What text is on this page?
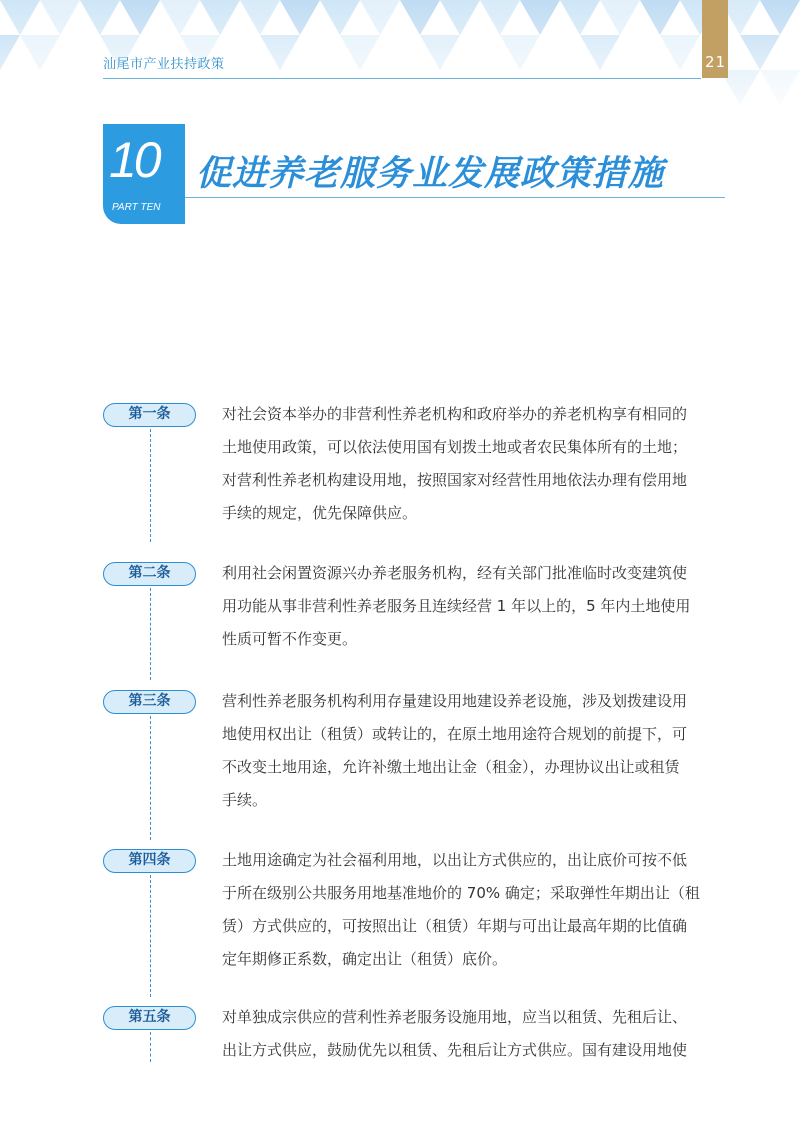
21
汕尾市产业扶持政策
10
PART TEN
促进养老服务业发展政策措施
第一条	对社会资本举办的非营利性养老机构和政府举办的养老机构享有相同的
土地使用政策，可以依法使用国有划拨土地或者农民集体所有的土地；
对营利性养老机构建设用地，按照国家对经营性用地依法办理有偿用地
手续的规定，优先保障供应。
第二条	利用社会闲置资源兴办养老服务机构，经有关部门批准临时改变建筑使
用功能从事非营利性养老服务且连续经营 1 年以上的，5 年内土地使用
性质可暂不作变更。
第三条	营利性养老服务机构利用存量建设用地建设养老设施，涉及划拨建设用
地使用权出让（租赁）或转让的，在原土地用途符合规划的前提下，可
不改变土地用途，允许补缴土地出让金（租金），办理协议出让或租赁
手续。
第四条	土地用途确定为社会福利用地，以出让方式供应的，出让底价可按不低
于所在级别公共服务用地基准地价的 70% 确定；采取弹性年期出让（租
赁）方式供应的，可按照出让（租赁）年期与可出让最高年期的比值确
定年期修正系数，确定出让（租赁）底价。
第五条	对单独成宗供应的营利性养老服务设施用地，应当以租赁、先租后让、
出让方式供应，鼓励优先以租赁、先租后让方式供应。国有建设用地使
